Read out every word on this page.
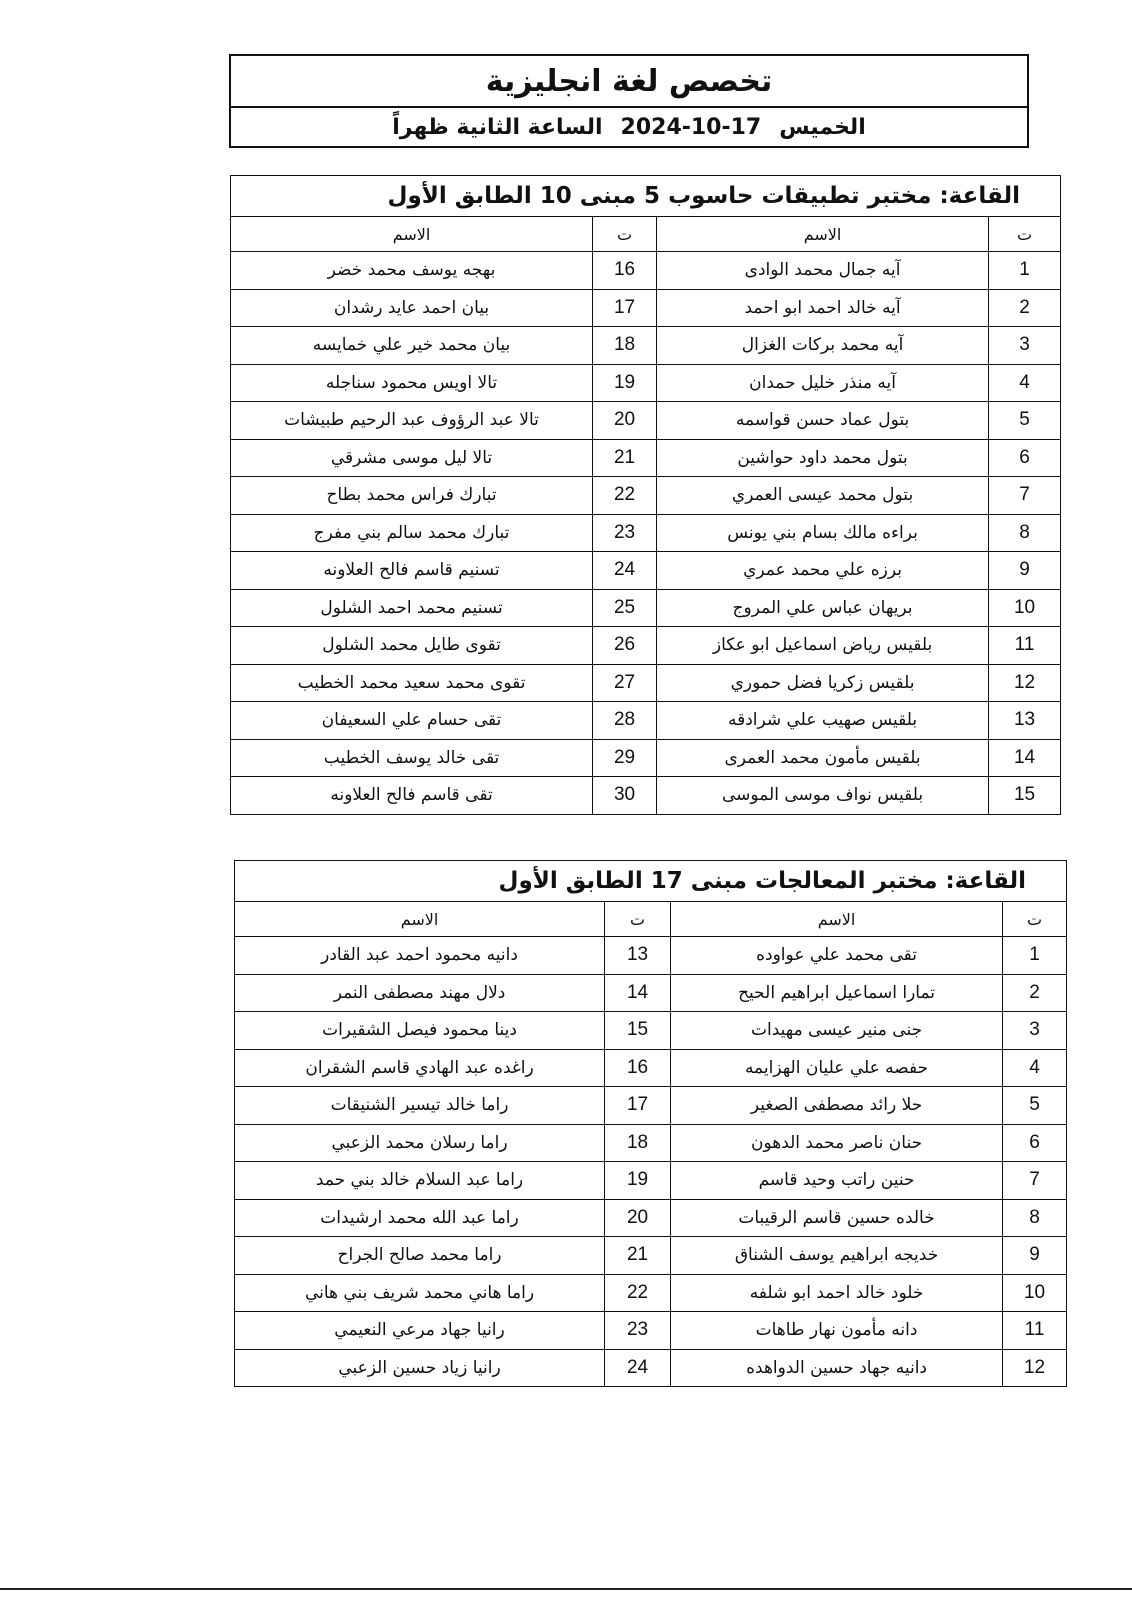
تخصص لغة انجليزية
الخميس
2024-10-17
الساعة الثانية ظهراً
القاعة: مختبر تطبيقات حاسوب 5 مبنى 10 الطابق الأول			
ت	الاسم	ت	الاسم
1	آيه جمال محمد الوادى	16	بهجه يوسف محمد خضر
2	آيه خالد احمد ابو احمد	17	بيان احمد عايد رشدان
3	آيه محمد بركات الغزال	18	بيان محمد خير علي خمايسه
4	آيه منذر خليل حمدان	19	تالا اويس محمود سناجله
5	بتول عماد حسن قواسمه	20	تالا عبد الرؤوف عبد الرحيم طبيشات
6	بتول محمد داود حواشين	21	تالا ليل موسى مشرقي
7	بتول محمد عيسى العمري	22	تبارك فراس محمد بطاح
8	براءه مالك بسام بني يونس	23	تبارك محمد سالم بني مفرج
9	برزه علي محمد عمري	24	تسنيم قاسم فالح العلاونه
10	بريهان عباس علي المروج	25	تسنيم محمد احمد الشلول
11	بلقيس رياض اسماعيل ابو عكاز	26	تقوى طايل محمد الشلول
12	بلقيس زكريا فضل حموري	27	تقوى محمد سعيد محمد الخطيب
13	بلقيس صهيب علي شرادقه	28	تقى حسام علي السعيفان
14	بلقيس مأمون محمد العمرى	29	تقى خالد يوسف الخطيب
15	بلقيس نواف موسى الموسى	30	تقى قاسم فالح العلاونه
القاعة: مختبر المعالجات مبنى 17 الطابق الأول			
ت	الاسم	ت	الاسم
1	تقى محمد علي عواوده	13	دانيه محمود احمد عبد القادر
2	تمارا اسماعيل ابراهيم الحيح	14	دلال مهند مصطفى النمر
3	جنى منير عيسى مهيدات	15	دينا محمود فيصل الشقيرات
4	حفصه علي عليان الهزايمه	16	راغده عبد الهادي قاسم الشقران
5	حلا رائد مصطفى الصغير	17	راما خالد تيسير الشنيقات
6	حنان ناصر محمد الدهون	18	راما رسلان محمد الزعبي
7	حنين راتب وحيد قاسم	19	راما عبد السلام خالد بني حمد
8	خالده حسين قاسم الرقيبات	20	راما عبد الله محمد ارشيدات
9	خديجه ابراهيم يوسف الشناق	21	راما محمد صالح الجراح
10	خلود خالد احمد ابو شلفه	22	راما هاني محمد شريف بني هاني
11	دانه مأمون نهار طاهات	23	رانيا جهاد مرعي النعيمي
12	دانيه جهاد حسين الدواهده	24	رانيا زياد حسين الزعبي
